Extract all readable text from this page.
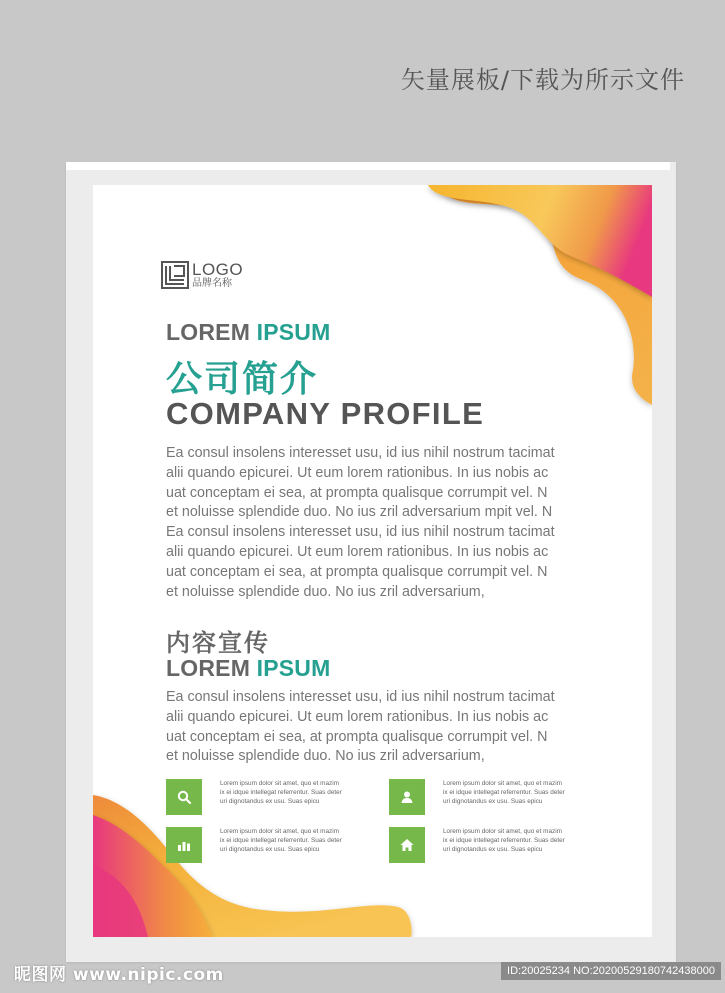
矢量展板/下载为所示文件
LOGO
品牌名称
LOREM IPSUM
公司简介
COMPANY PROFILE
Ea consul insolens interesset usu, id ius nihil nostrum tacimat
alii quando epicurei. Ut eum lorem rationibus. In ius nobis ac
uat conceptam ei sea, at prompta qualisque corrumpit vel. N
et noluisse splendide duo. No ius zril adversarium mpit vel. N
Ea consul insolens interesset usu, id ius nihil nostrum tacimat
alii quando epicurei. Ut eum lorem rationibus. In ius nobis ac
uat conceptam ei sea, at prompta qualisque corrumpit vel. N
et noluisse splendide duo. No ius zril adversarium,
内容宣传
LOREM IPSUM
Ea consul insolens interesset usu, id ius nihil nostrum tacimat
alii quando epicurei. Ut eum lorem rationibus. In ius nobis ac
uat conceptam ei sea, at prompta qualisque corrumpit vel. N
et noluisse splendide duo. No ius zril adversarium,
Lorem ipsum dolor sit amet, quo et mazim
ix ei idque intellegat referrentur. Suas deter
uri dignotandus ex usu. Suas epicu
Lorem ipsum dolor sit amet, quo et mazim
ix ei idque intellegat referrentur. Suas deter
uri dignotandus ex usu. Suas epicu
Lorem ipsum dolor sit amet, quo et mazim
ix ei idque intellegat referrentur. Suas deter
uri dignotandus ex usu. Suas epicu
Lorem ipsum dolor sit amet, quo et mazim
ix ei idque intellegat referrentur. Suas deter
uri dignotandus ex usu. Suas epicu
昵图网 www.nipic.com	ID:20025234 NO:20200529180742438000
